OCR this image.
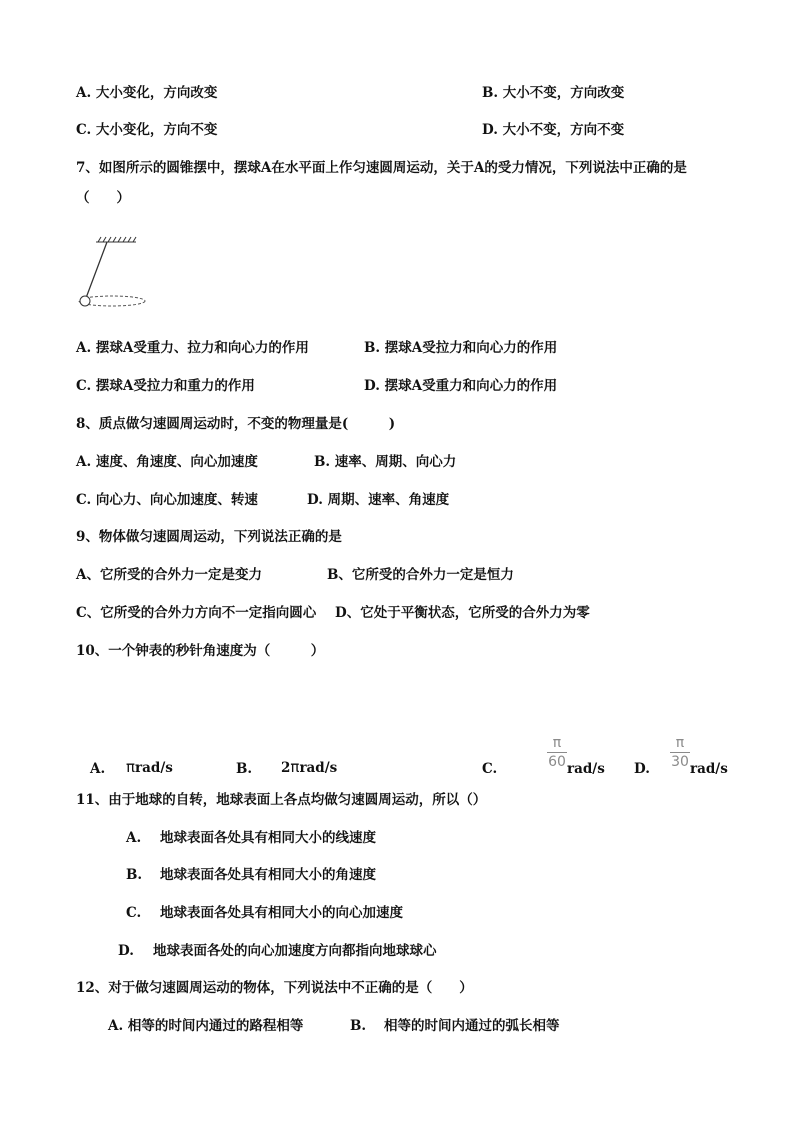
A. 大小变化，方向改变	B. 大小不变，方向改变
C. 大小变化，方向不变	D. 大小不变，方向不变
7、如图所示的圆锥摆中，摆球A在水平面上作匀速圆周运动，关于A的受力情况，下列说法中正确的是
（　　）
A. 摆球A受重力、拉力和向心力的作用	B. 摆球A受拉力和向心力的作用
C. 摆球A受拉力和重力的作用	D. 摆球A受重力和向心力的作用
8、质点做匀速圆周运动时，不变的物理量是(　　　)
A. 速度、角速度、向心加速度	B. 速率、周期、向心力
C. 向心力、向心加速度、转速	D. 周期、速率、角速度
9、物体做匀速圆周运动，下列说法正确的是
A、它所受的合外力一定是变力	B、它所受的合外力一定是恒力
C、它所受的合外力方向不一定指向圆心 D、它处于平衡状态，它所受的合外力为零
10、一个钟表的秒针角速度为（　　　）
A. πrad/s	B. 2πrad/s	C.
π
60 rad/s D.
π
30 rad/s
11、由于地球的自转，地球表面上各点均做匀速圆周运动，所以（）
A. 地球表面各处具有相同大小的线速度
B. 地球表面各处具有相同大小的角速度
C. 地球表面各处具有相同大小的向心加速度
D. 地球表面各处的向心加速度方向都指向地球球心
12、对于做匀速圆周运动的物体，下列说法中不正确的是（　　）
A. 相等的时间内通过的路程相等	B. 相等的时间内通过的弧长相等
